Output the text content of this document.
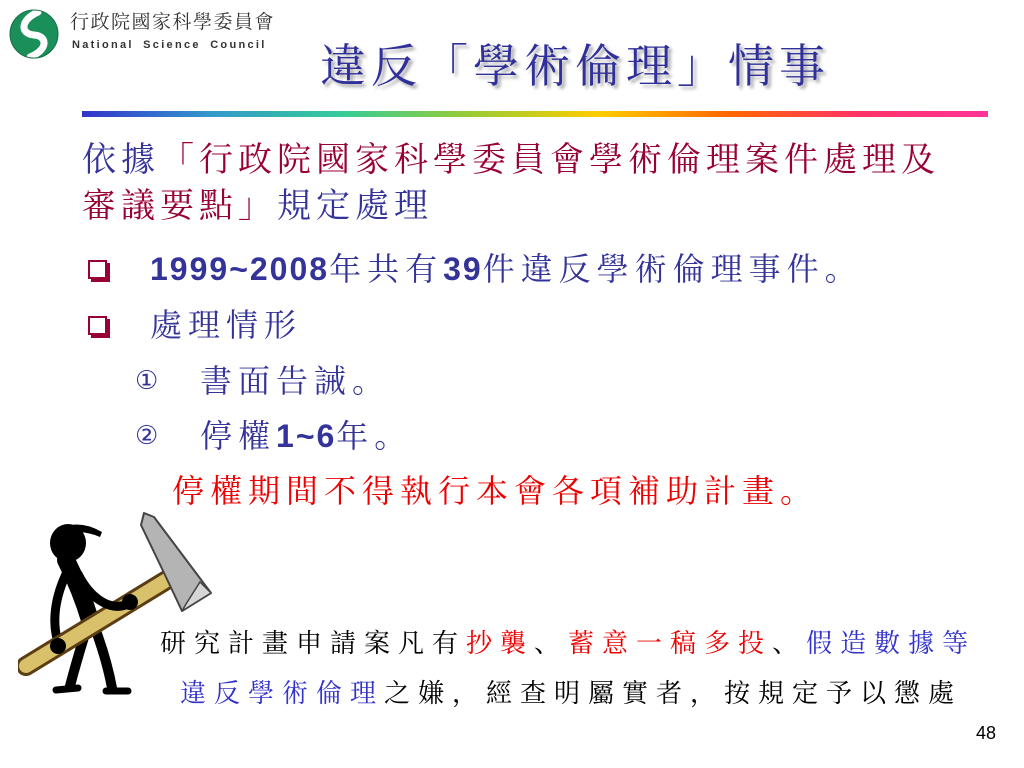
行政院國家科學委員會
National Science Council 違反「學術倫理」情事
依據「行政院國家科學委員會學術倫理案件處理及
審議要點」規定處理
1999~2008年共有39件違反學術倫理事件。
處理情形
① 書面告誡。
② 停權1~6年。
停權期間不得執行本會各項補助計畫。
研究計畫申請案凡有抄襲、蓄意一稿多投、假造數據等
違反學術倫理之嫌，經查明屬實者，按規定予以懲處
48
